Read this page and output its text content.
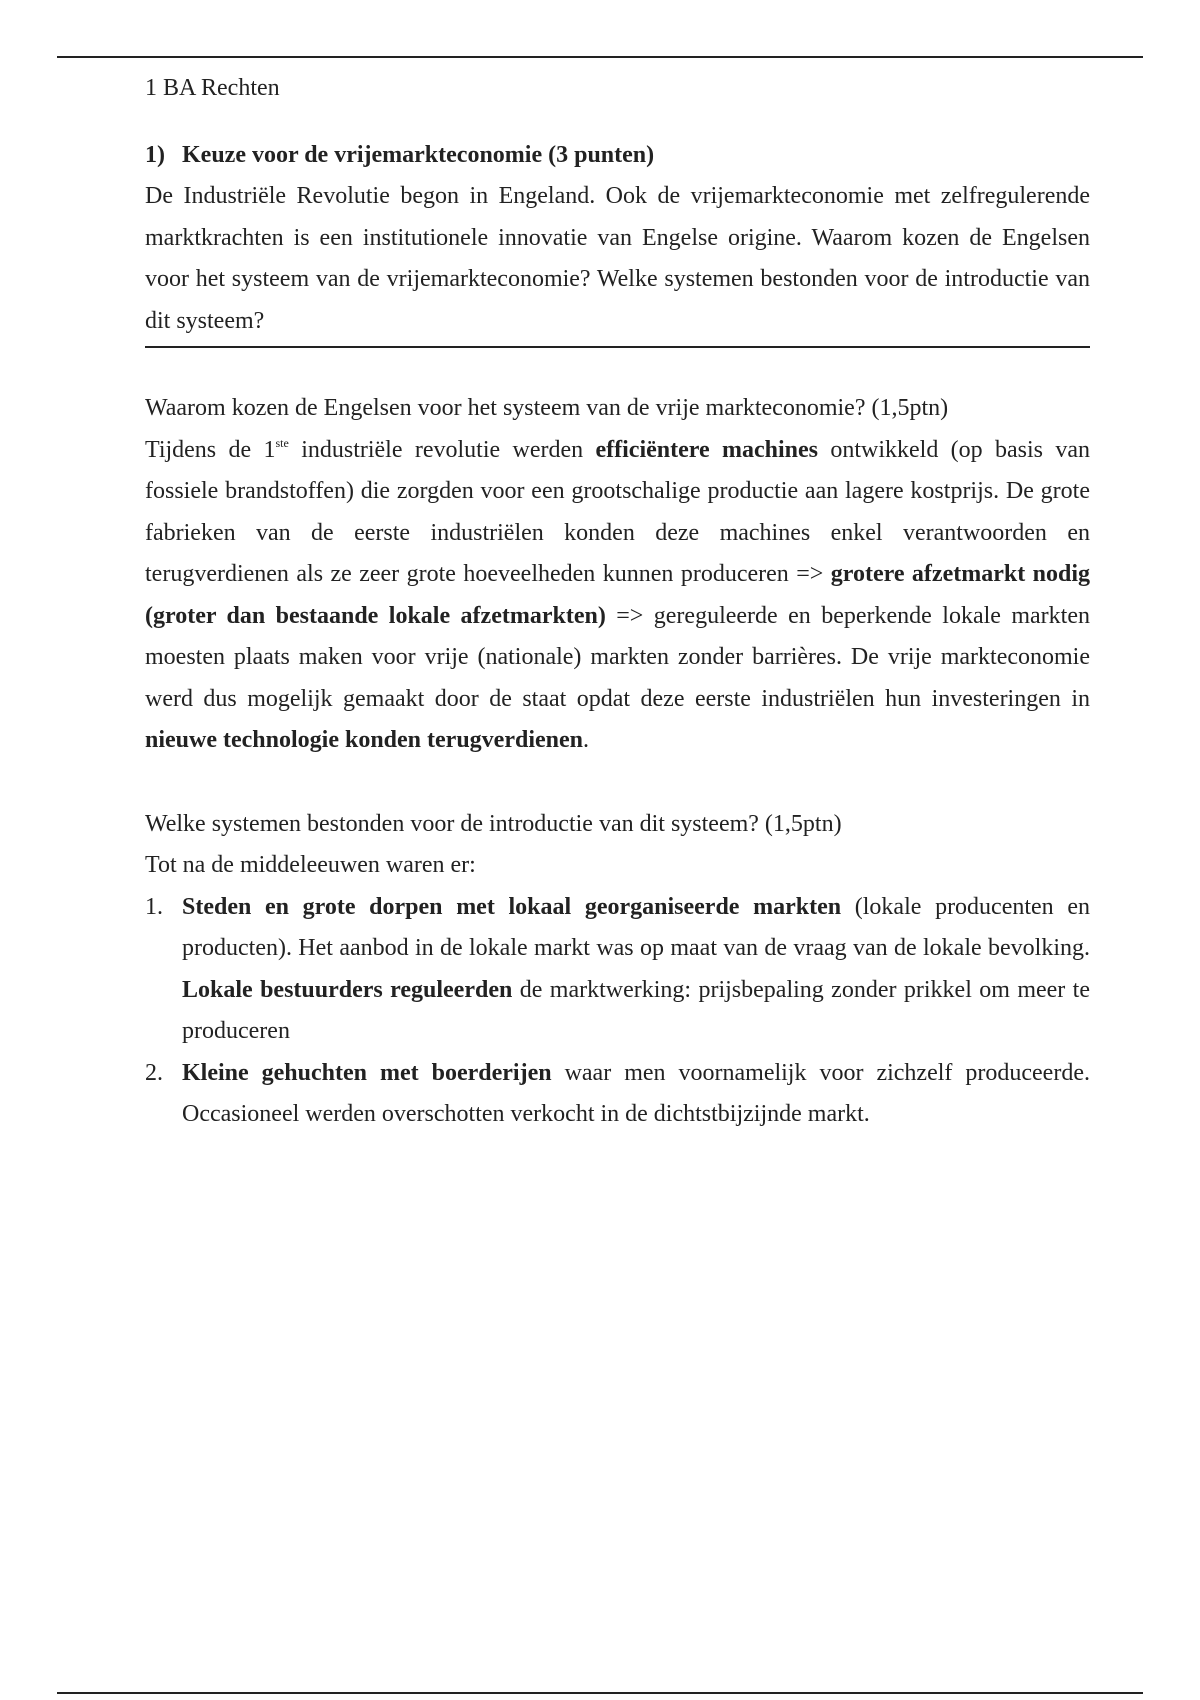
1 BA Rechten

1) Keuze voor de vrijemarkteconomie (3 punten)

De Industriële Revolutie begon in Engeland. Ook de vrijemarkteconomie met zelfregulerende marktkrachten is een institutionele innovatie van Engelse origine. Waarom kozen de Engelsen voor het systeem van de vrijemarkteconomie? Welke systemen bestonden voor de introductie van dit systeem?

Waarom kozen de Engelsen voor het systeem van de vrije markteconomie? (1,5ptn)

Tijdens de 1ste industriële revolutie werden efficiëntere machines ontwikkeld (op basis van fossiele brandstoffen) die zorgden voor een grootschalige productie aan lagere kostprijs. De grote fabrieken van de eerste industriëlen konden deze machines enkel verantwoorden en terugverdienen als ze zeer grote hoeveelheden kunnen produceren => grotere afzetmarkt nodig (groter dan bestaande lokale afzetmarkten) => gereguleerde en beperkende lokale markten moesten plaats maken voor vrije (nationale) markten zonder barrières. De vrije markteconomie werd dus mogelijk gemaakt door de staat opdat deze eerste industriëlen hun investeringen in nieuwe technologie konden terugverdienen.

Welke systemen bestonden voor de introductie van dit systeem? (1,5ptn)

Tot na de middeleeuwen waren er:

1. Steden en grote dorpen met lokaal georganiseerde markten (lokale producenten en producten). Het aanbod in de lokale markt was op maat van de vraag van de lokale bevolking. Lokale bestuurders reguleerden de marktwerking: prijsbepaling zonder prikkel om meer te produceren
2. Kleine gehuchten met boerderijen waar men voornamelijk voor zichzelf produceerde. Occasioneel werden overschotten verkocht in de dichtstbijzijnde markt.
